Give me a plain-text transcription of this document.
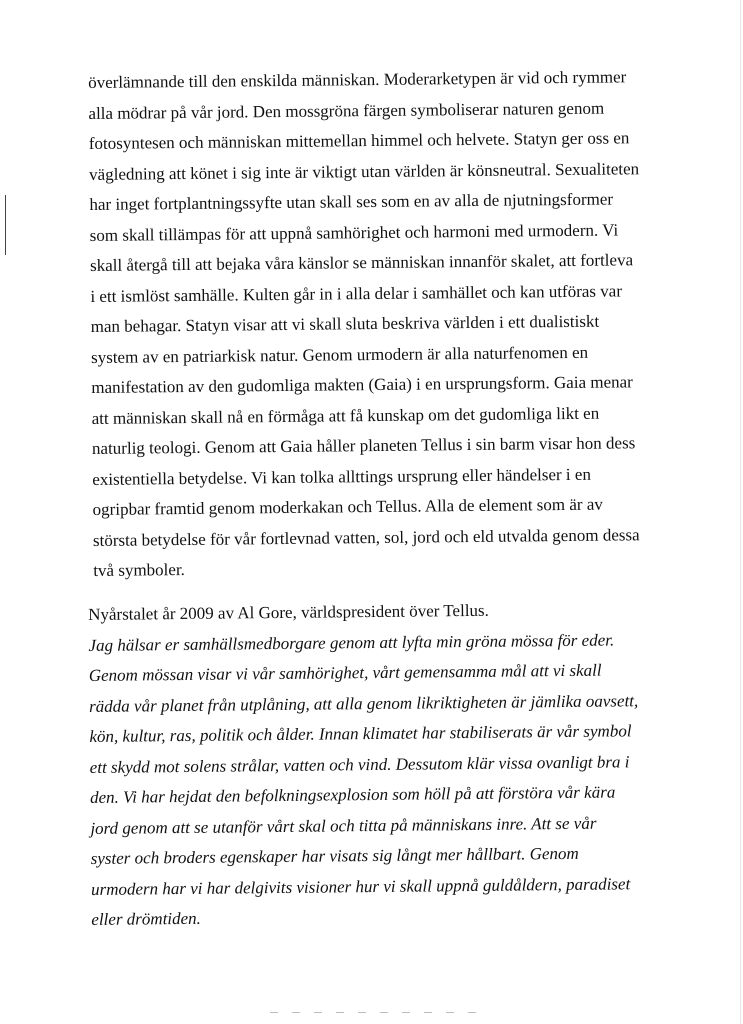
överlämnande till den enskilda människan. Moderarketypen är vid och rymmer
alla mödrar på vår jord. Den mossgröna färgen symboliserar naturen genom
fotosyntesen och människan mittemellan himmel och helvete. Statyn ger oss en
vägledning att könet i sig inte är viktigt utan världen är könsneutral. Sexualiteten
har inget fortplantningssyfte utan skall ses som en av alla de njutningsformer
som skall tillämpas för att uppnå samhörighet och harmoni med urmodern. Vi
skall återgå till att bejaka våra känslor se människan innanför skalet, att fortleva
i ett ismlöst samhälle. Kulten går in i alla delar i samhället och kan utföras var
man behagar. Statyn visar att vi skall sluta beskriva världen i ett dualistiskt
system av en patriarkisk natur. Genom urmodern är alla naturfenomen en
manifestation av den gudomliga makten (Gaia) i en ursprungsform. Gaia menar
att människan skall nå en förmåga att få kunskap om det gudomliga likt en
naturlig teologi. Genom att Gaia håller planeten Tellus i sin barm visar hon dess
existentiella betydelse. Vi kan tolka allttings ursprung eller händelser i en
ogripbar framtid genom moderkakan och Tellus. Alla de element som är av
största betydelse för vår fortlevnad vatten, sol, jord och eld utvalda genom dessa
två symboler.
Nyårstalet år 2009 av Al Gore, världspresident över Tellus.
Jag hälsar er samhällsmedborgare genom att lyfta min gröna mössa för eder.
Genom mössan visar vi vår samhörighet, vårt gemensamma mål att vi skall
rädda vår planet från utplåning, att alla genom likriktigheten är jämlika oavsett,
kön, kultur, ras, politik och ålder. Innan klimatet har stabiliserats är vår symbol
ett skydd mot solens strålar, vatten och vind. Dessutom klär vissa ovanligt bra i
den. Vi har hejdat den befolkningsexplosion som höll på att förstöra vår kära
jord genom att se utanför vårt skal och titta på människans inre. Att se vår
syster och broders egenskaper har visats sig långt mer hållbart. Genom
urmodern har vi har delgivits visioner hur vi skall uppnå guldåldern, paradiset
eller drömtiden.
